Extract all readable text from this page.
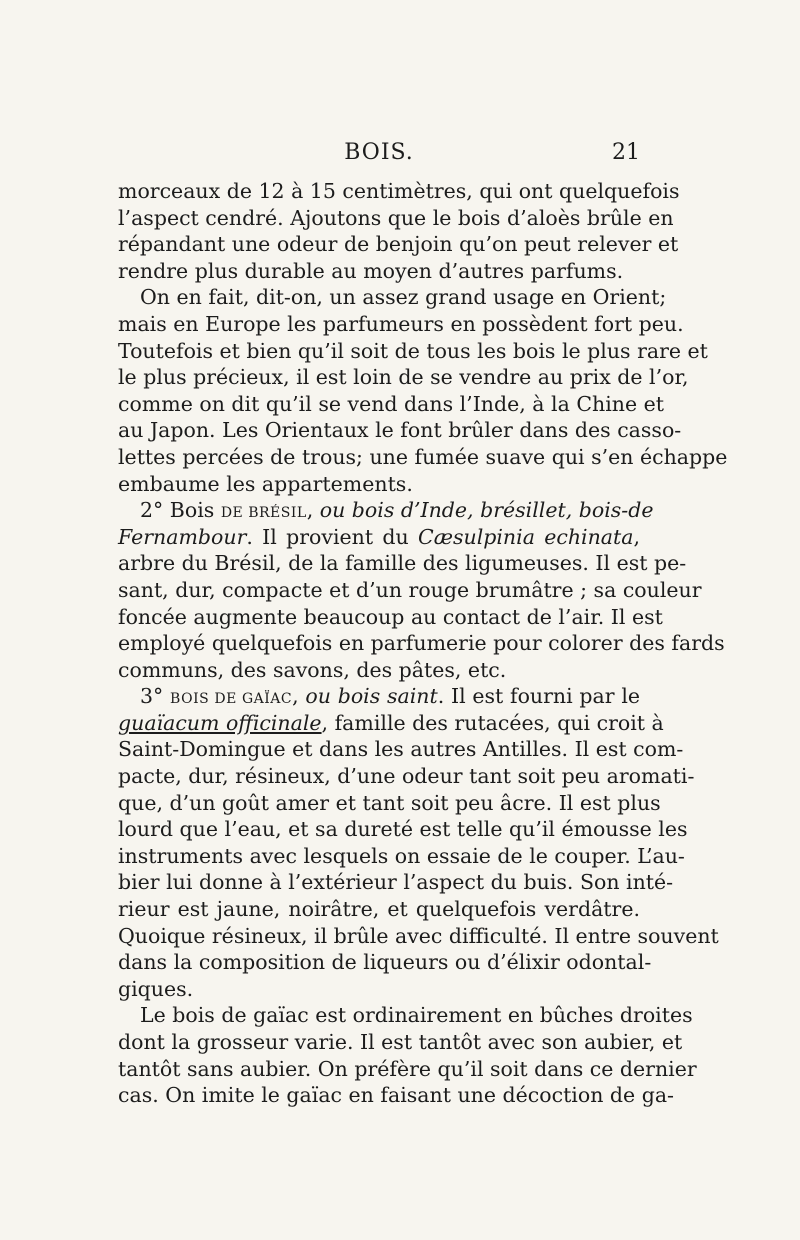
BOIS.	21
morceaux de 12 à 15 centimètres, qui ont quelquefois
l’aspect cendré. Ajoutons que le bois d’aloès brûle en
répandant une odeur de benjoin qu’on peut relever et
rendre plus durable au moyen d’autres parfums.
On en fait, dit-on, un assez grand usage en Orient;
mais en Europe les parfumeurs en possèdent fort peu.
Toutefois et bien qu’il soit de tous les bois le plus rare et
le plus précieux, il est loin de se vendre au prix de l’or,
comme on dit qu’il se vend dans l’Inde, à la Chine et
au Japon. Les Orientaux le font brûler dans des casso-
lettes percées de trous; une fumée suave qui s’en échappe
embaume les appartements.
2° Bois DE BRÉSIL, ou bois d’Inde, brésillet, bois-de
Fernambour. Il provient du Cæsulpinia echinata,
arbre du Brésil, de la famille des ligumeuses. Il est pe-
sant, dur, compacte et d’un rouge brumâtre ; sa couleur
foncée augmente beaucoup au contact de l’air. Il est
employé quelquefois en parfumerie pour colorer des fards
communs, des savons, des pâtes, etc.
3° BOIS DE GAÏAC, ou bois saint. Il est fourni par le
guaïacum officinale, famille des rutacées, qui croit à
Saint-Domingue et dans les autres Antilles. Il est com-
pacte, dur, résineux, d’une odeur tant soit peu aromati-
que, d’un goût amer et tant soit peu âcre. Il est plus
lourd que l’eau, et sa dureté est telle qu’il émousse les
instruments avec lesquels on essaie de le couper. L’au-
bier lui donne à l’extérieur l’aspect du buis. Son inté-
rieur est jaune, noirâtre, et quelquefois verdâtre.
Quoique résineux, il brûle avec difficulté. Il entre souvent
dans la composition de liqueurs ou d’élixir odontal-
giques.
Le bois de gaïac est ordinairement en bûches droites
dont la grosseur varie. Il est tantôt avec son aubier, et
tantôt sans aubier. On préfère qu’il soit dans ce dernier
cas. On imite le gaïac en faisant une décoction de ga-
